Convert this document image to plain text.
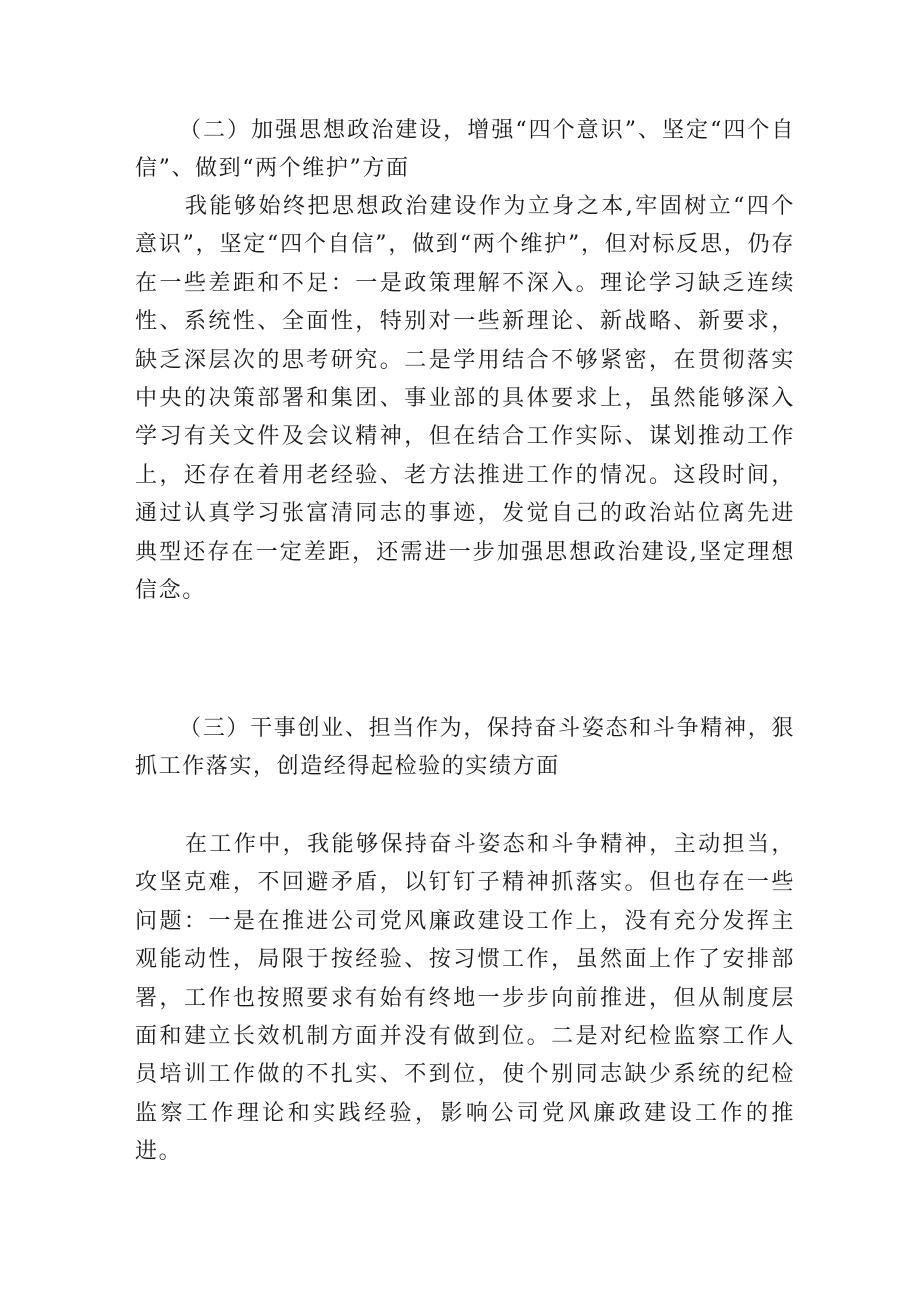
（二）加强思想政治建设，增强“四个意识”、坚定“四个自信”、做到“两个维护”方面

我能够始终把思想政治建设作为立身之本,牢固树立“四个意识”，坚定“四个自信”，做到“两个维护”，但对标反思，仍存在一些差距和不足：一是政策理解不深入。理论学习缺乏连续性、系统性、全面性，特别对一些新理论、新战略、新要求，缺乏深层次的思考研究。二是学用结合不够紧密，在贯彻落实中央的决策部署和集团、事业部的具体要求上，虽然能够深入学习有关文件及会议精神，但在结合工作实际、谋划推动工作上，还存在着用老经验、老方法推进工作的情况。这段时间，通过认真学习张富清同志的事迹，发觉自己的政治站位离先进典型还存在一定差距，还需进一步加强思想政治建设,坚定理想信念。

（三）干事创业、担当作为，保持奋斗姿态和斗争精神，狠抓工作落实，创造经得起检验的实绩方面

在工作中，我能够保持奋斗姿态和斗争精神，主动担当，攻坚克难，不回避矛盾，以钉钉子精神抓落实。但也存在一些问题：一是在推进公司党风廉政建设工作上，没有充分发挥主观能动性，局限于按经验、按习惯工作，虽然面上作了安排部署，工作也按照要求有始有终地一步步向前推进，但从制度层面和建立长效机制方面并没有做到位。二是对纪检监察工作人员培训工作做的不扎实、不到位，使个别同志缺少系统的纪检监察工作理论和实践经验，影响公司党风廉政建设工作的推进。
